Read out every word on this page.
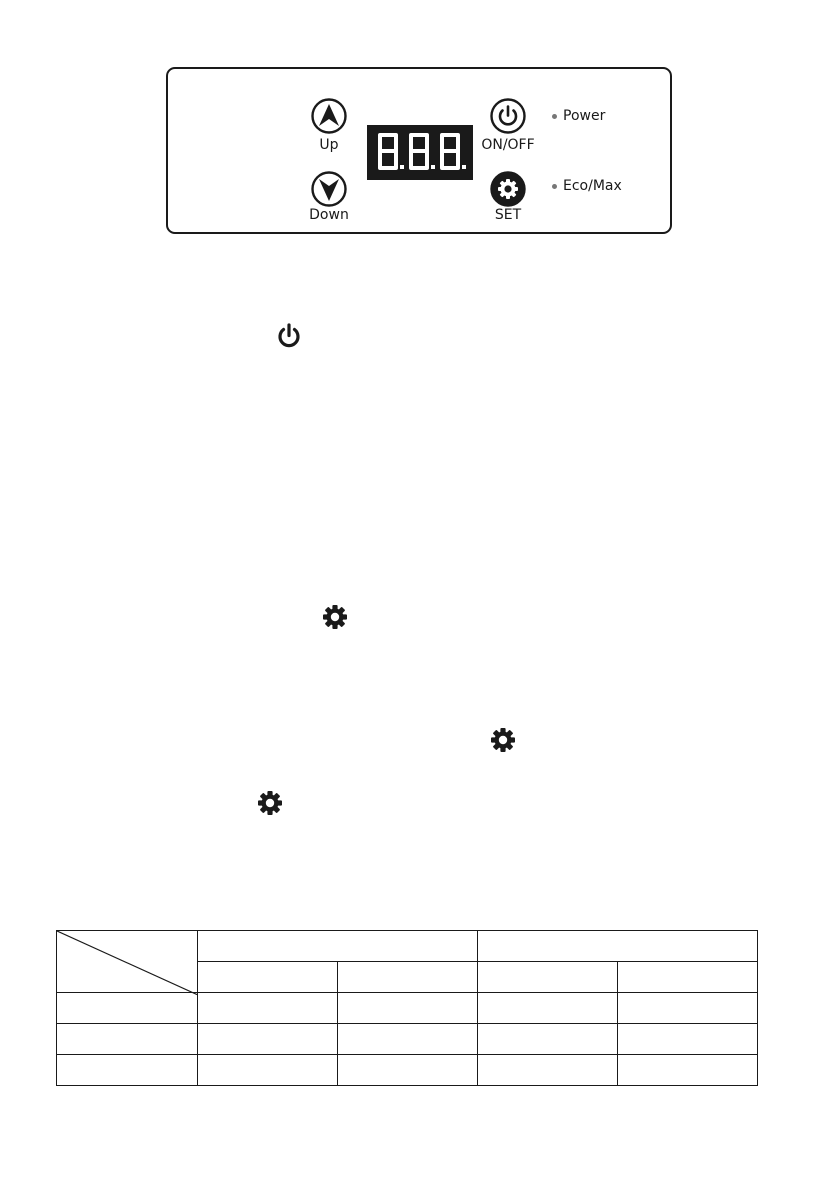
Up
Down
ON/OFF
SET
Power
Eco/Max
